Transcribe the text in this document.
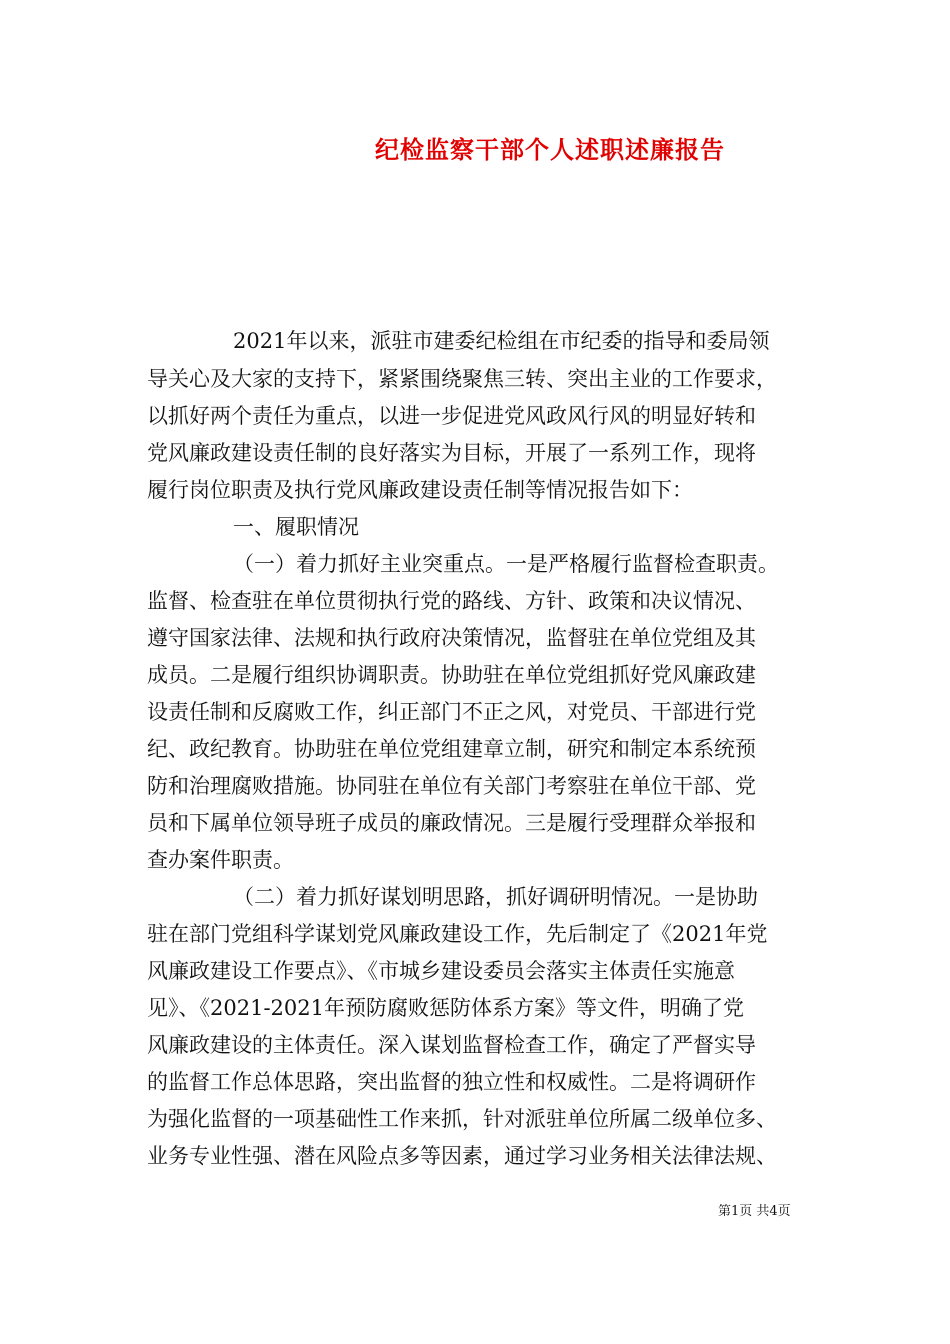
纪检监察干部个人述职述廉报告
2021年以来，派驻市建委纪检组在市纪委的指导和委局领
导关心及大家的支持下，紧紧围绕聚焦三转、突出主业的工作要求，
以抓好两个责任为重点，以进一步促进党风政风行风的明显好转和
党风廉政建设责任制的良好落实为目标，开展了一系列工作，现将
履行岗位职责及执行党风廉政建设责任制等情况报告如下：
一、履职情况
（一）着力抓好主业突重点。一是严格履行监督检查职责。
监督、检查驻在单位贯彻执行党的路线、方针、政策和决议情况、
遵守国家法律、法规和执行政府决策情况，监督驻在单位党组及其
成员。二是履行组织协调职责。协助驻在单位党组抓好党风廉政建
设责任制和反腐败工作，纠正部门不正之风，对党员、干部进行党
纪、政纪教育。协助驻在单位党组建章立制，研究和制定本系统预
防和治理腐败措施。协同驻在单位有关部门考察驻在单位干部、党
员和下属单位领导班子成员的廉政情况。三是履行受理群众举报和
查办案件职责。
（二）着力抓好谋划明思路，抓好调研明情况。一是协助
驻在部门党组科学谋划党风廉政建设工作，先后制定了《2021年党
风廉政建设工作要点》、《市城乡建设委员会落实主体责任实施意
见》、《2021-2021年预防腐败惩防体系方案》等文件，明确了党
风廉政建设的主体责任。深入谋划监督检查工作，确定了严督实导
的监督工作总体思路，突出监督的独立性和权威性。二是将调研作
为强化监督的一项基础性工作来抓，针对派驻单位所属二级单位多、
业务专业性强、潜在风险点多等因素，通过学习业务相关法律法规、
第1页 共4页
